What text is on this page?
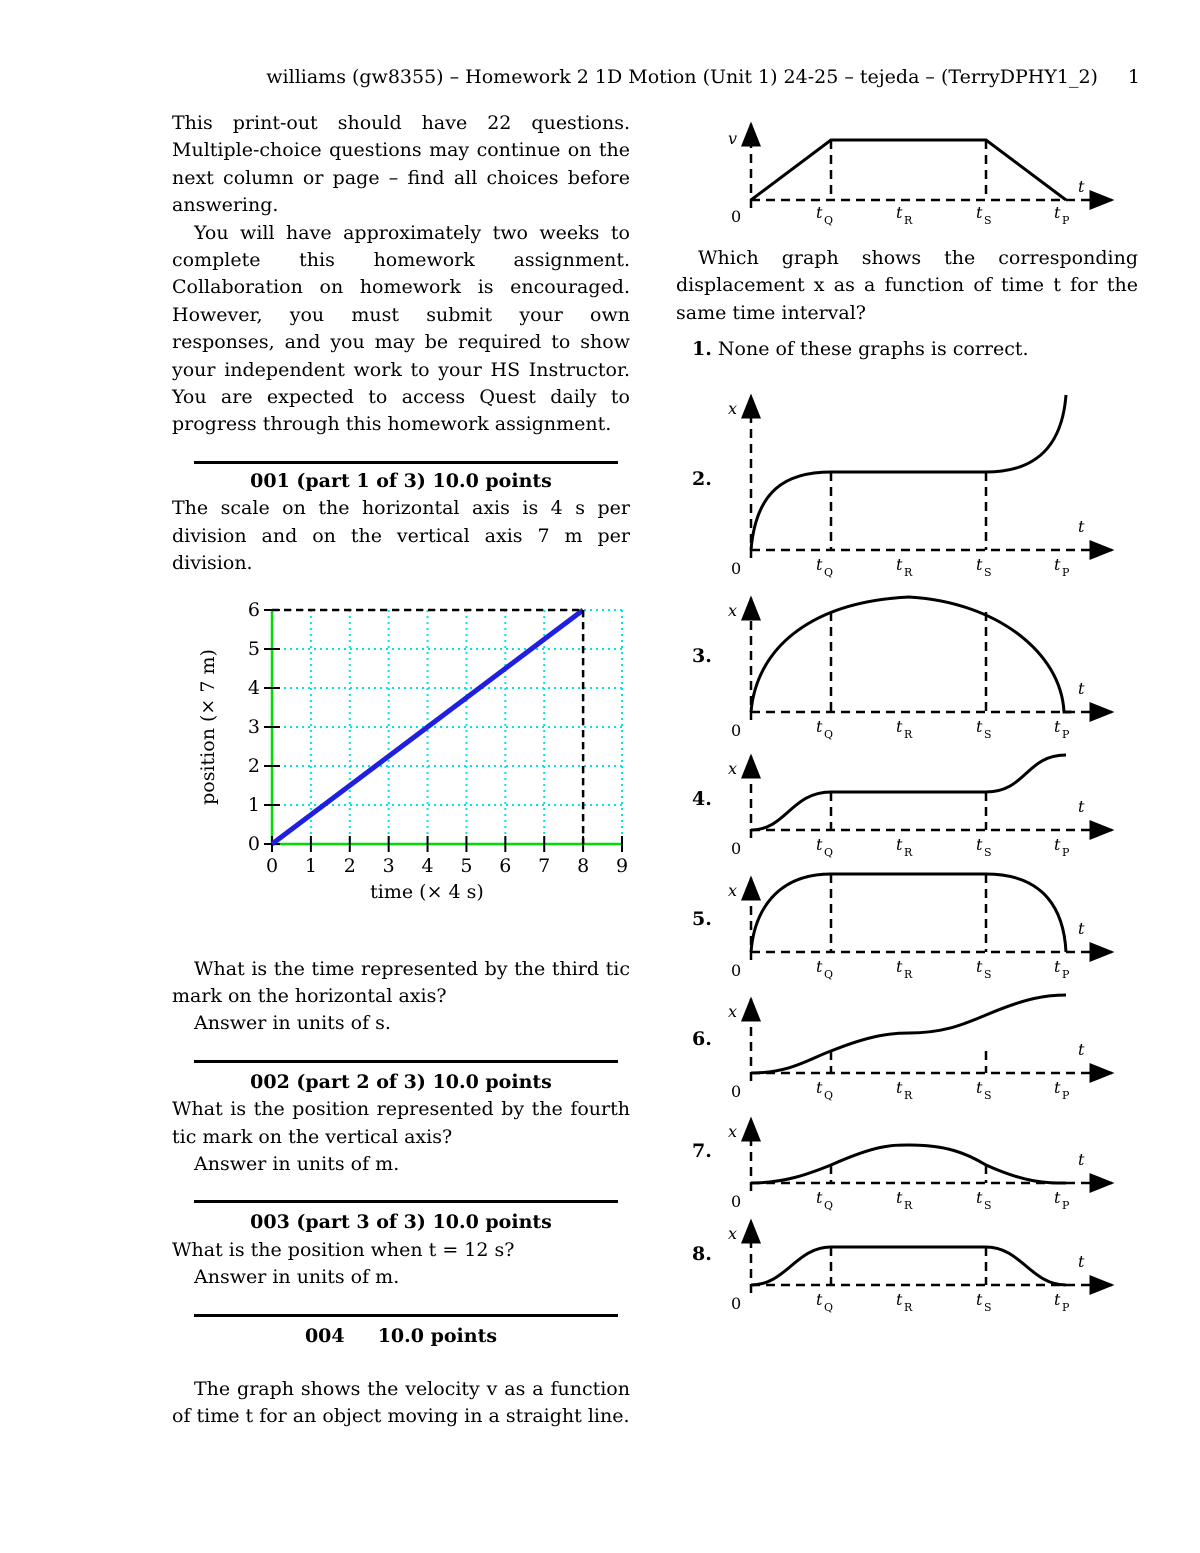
williams (gw8355) – Homework 2 1D Motion (Unit 1) 24-25 – tejeda – (TerryDPHY1_2) 1

This print-out should have 22 questions. Multiple-choice questions may continue on the next column or page – find all choices before answering.

You will have approximately two weeks to complete this homework assignment. Collaboration on homework is encouraged. However, you must submit your own responses, and you may be required to show your independent work to your HS Instructor. You are expected to access Quest daily to progress through this homework assignment.

001 (part 1 of 3) 10.0 points

The scale on the horizontal axis is 4 s per division and on the vertical axis 7 m per division.

0 1 2 3 4 5 6 7 8 9
0
1
2
3
4
5
6
time (× 4 s)
position (× 7 m)

What is the time represented by the third tic mark on the horizontal axis?

Answer in units of s.

002 (part 2 of 3) 10.0 points

What is the position represented by the fourth tic mark on the vertical axis?

Answer in units of m.

003 (part 3 of 3) 10.0 points

What is the position when t = 12 s?

Answer in units of m.

004     10.0 points

The graph shows the velocity v as a function of time t for an object moving in a straight line.

v
t
0	t Q	t R	t S	t P

Which graph shows the corresponding displacement x as a function of time t for the same time interval?

1. None of these graphs is correct.
x
t
0	t Q	t R	t S	t P
2.
x
t
0	t Q	t R	t S	t P
3.
x
t
0	t Q	t R	t S	t P
4.
x
t
0	t Q	t R	t S	t P
5.
x
t
0	t Q	t R	t S	t P
6.
x
t
0	t Q	t R	t S	t P
7.
x
t
0	t Q	t R	t S	t P
8.
